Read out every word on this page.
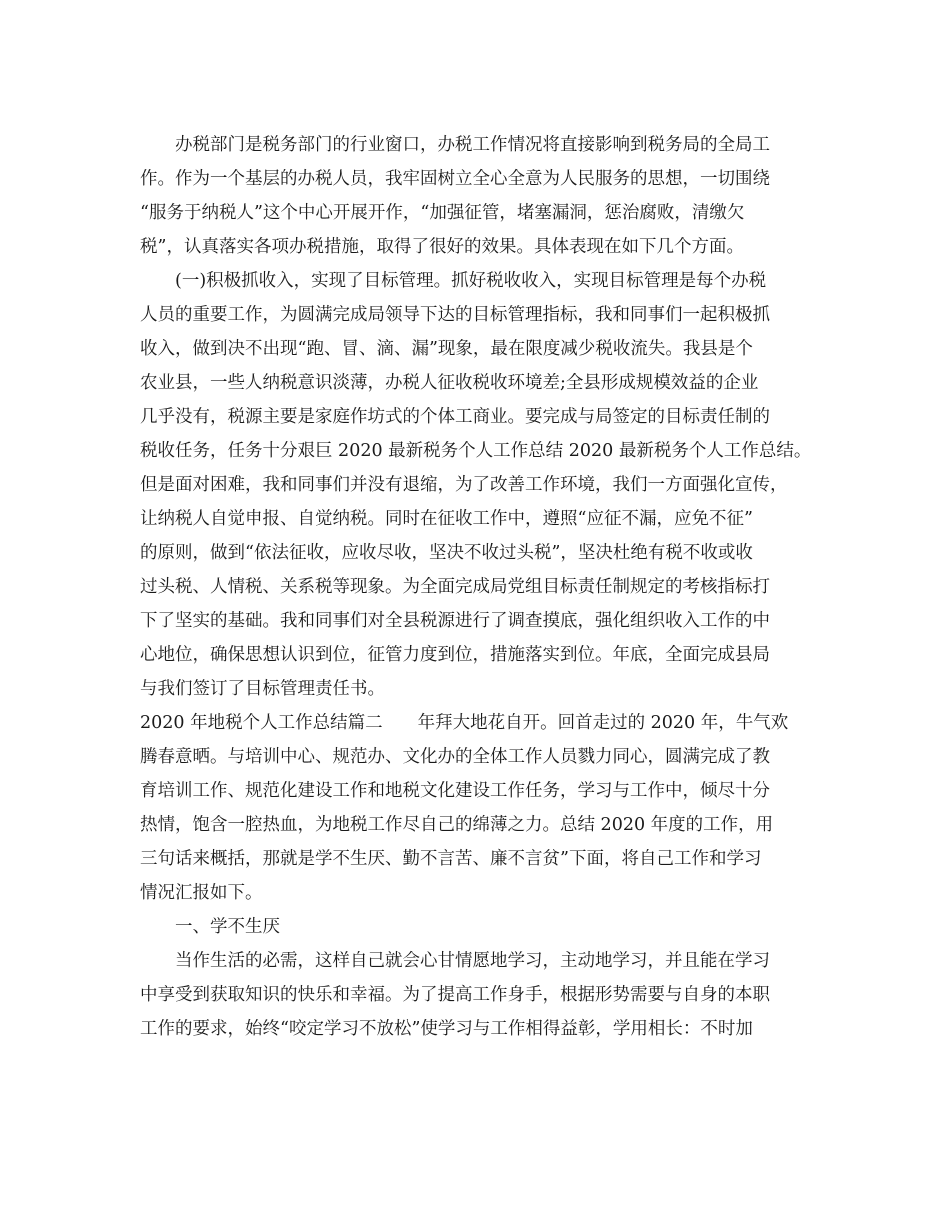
办税部门是税务部门的行业窗口，办税工作情况将直接影响到税务局的全局工
作。作为一个基层的办税人员，我牢固树立全心全意为人民服务的思想，一切围绕
“服务于纳税人”这个中心开展开作，“加强征管，堵塞漏洞，惩治腐败，清缴欠
税”，认真落实各项办税措施，取得了很好的效果。具体表现在如下几个方面。
(一)积极抓收入，实现了目标管理。抓好税收收入，实现目标管理是每个办税
人员的重要工作，为圆满完成局领导下达的目标管理指标，我和同事们一起积极抓
收入，做到决不出现“跑、冒、滴、漏”现象，最在限度减少税收流失。我县是个
农业县，一些人纳税意识淡薄，办税人征收税收环境差;全县形成规模效益的企业
几乎没有，税源主要是家庭作坊式的个体工商业。要完成与局签定的目标责任制的
税收任务，任务十分艰巨 2020 最新税务个人工作总结 2020 最新税务个人工作总结。
但是面对困难，我和同事们并没有退缩，为了改善工作环境，我们一方面强化宣传，
让纳税人自觉申报、自觉纳税。同时在征收工作中，遵照“应征不漏，应免不征”
的原则，做到“依法征收，应收尽收，坚决不收过头税”，坚决杜绝有税不收或收
过头税、人情税、关系税等现象。为全面完成局党组目标责任制规定的考核指标打
下了坚实的基础。我和同事们对全县税源进行了调查摸底，强化组织收入工作的中
心地位，确保思想认识到位，征管力度到位，措施落实到位。年底，全面完成县局
与我们签订了目标管理责任书。
2020 年地税个人工作总结篇二　　年拜大地花自开。回首走过的 2020 年，牛气欢
腾春意晒。与培训中心、规范办、文化办的全体工作人员戮力同心，圆满完成了教
育培训工作、规范化建设工作和地税文化建设工作任务，学习与工作中，倾尽十分
热情，饱含一腔热血，为地税工作尽自己的绵薄之力。总结 2020 年度的工作，用
三句话来概括，那就是学不生厌、勤不言苦、廉不言贫”下面，将自己工作和学习
情况汇报如下。
一、学不生厌
当作生活的必需，这样自己就会心甘情愿地学习，主动地学习，并且能在学习
中享受到获取知识的快乐和幸福。为了提高工作身手，根据形势需要与自身的本职
工作的要求，始终“咬定学习不放松”使学习与工作相得益彰，学用相长：不时加
